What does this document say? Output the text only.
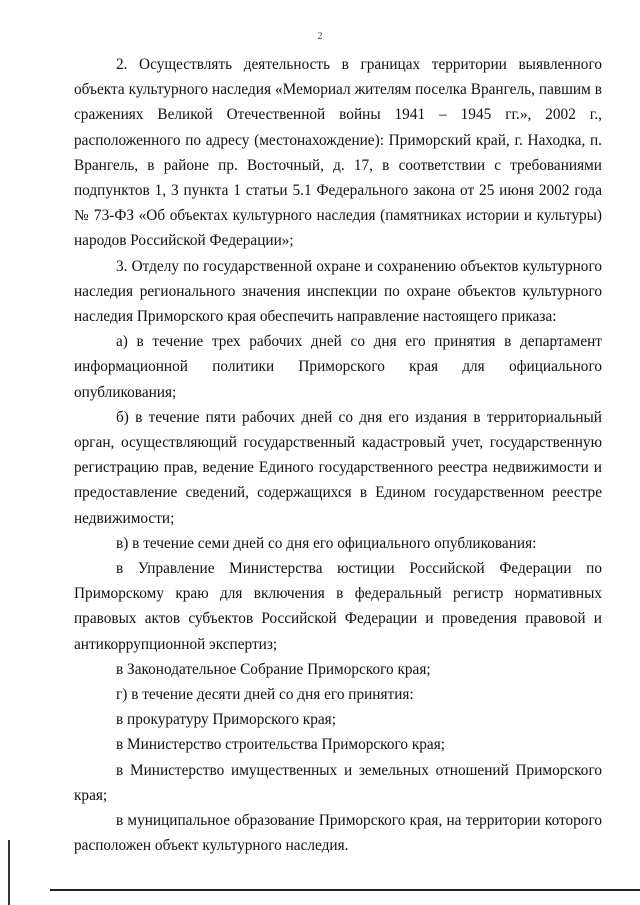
2

2. Осуществлять деятельность в границах территории выявленного объекта культурного наследия «Мемориал жителям поселка Врангель, павшим в сражениях Великой Отечественной войны 1941 – 1945 гг.», 2002 г., расположенного по адресу (местонахождение): Приморский край, г. Находка, п. Врангель, в районе пр. Восточный, д. 17, в соответствии с требованиями подпунктов 1, 3 пункта 1 статьи 5.1 Федерального закона от 25 июня 2002 года № 73-ФЗ «Об объектах культурного наследия (памятниках истории и культуры) народов Российской Федерации»;

3. Отделу по государственной охране и сохранению объектов культурного наследия регионального значения инспекции по охране объектов культурного наследия Приморского края обеспечить направление настоящего приказа:

а) в течение трех рабочих дней со дня его принятия в департамент информационной политики Приморского края для официального опубликования;

б) в течение пяти рабочих дней со дня его издания в территориальный орган, осуществляющий государственный кадастровый учет, государственную регистрацию прав, ведение Единого государственного реестра недвижимости и предоставление сведений, содержащихся в Едином государственном реестре недвижимости;

в) в течение семи дней со дня его официального опубликования:

в Управление Министерства юстиции Российской Федерации по Приморскому краю для включения в федеральный регистр нормативных правовых актов субъектов Российской Федерации и проведения правовой и антикоррупционной экспертиз;

в Законодательное Собрание Приморского края;

г) в течение десяти дней со дня его принятия:

в прокуратуру Приморского края;

в Министерство строительства Приморского края;

в Министерство имущественных и земельных отношений Приморского края;

в муниципальное образование Приморского края, на территории которого расположен объект культурного наследия.
